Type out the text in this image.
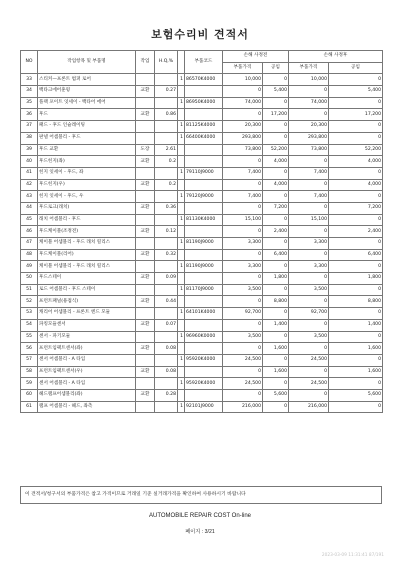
보험수리비 견적서
NO	작업항목 및 부품명	작업	H.Q,%		부품코드	손해 사정전		손해 사정후	
						부품가격	공임	부품가격	공임
33	스티커—프론트 범퍼 로어			1	86570K4000	10,000	0	10,000	0
34	백타크에어훈윙	교환	0.27			0	5,400	0	5,400
35	플랙 포이트 잇세이 - 백타어 에어			1	86950K4000	74,000	0	74,000	0
36	후드	교환	0.86			0	17,200	0	17,200
37	패드 - 후드 인슐레이팅			1	81125K4000	20,300	0	20,300	0
38	판넬 어셈블리 - 후드			1	66400K4000	293,800	0	293,800	0
39	후드 교환	도장	2.61			73,800	52,200	73,800	52,200
40	후드힌지(좌)	교환	0.2			0	4,000	0	4,000
41	힌지 잇세이 - 후드, 좌			1	79110J9000	7,400	0	7,400	0
42	후드힌지(우)	교환	0.2			0	4,000	0	4,000
43	힌지 잇세이 - 후드, 우			1	79120J9000	7,400	0	7,400	0
44	후드로크(래치)	교환	0.36			0	7,200	0	7,200
45	래치 어셈블리 - 후드			1	81130K4000	15,100	0	15,100	0
46	후드케이블(조정전)	교환	0.12			0	2,400	0	2,400
47	케이블 어셈블리 - 후드 래치 릴리스			1	81190J9000	3,300	0	3,300	0
48	후드케이블(리어)	교환	0.32			0	6,400	0	6,400
49	케이블 어셈블리 - 후드 래치 릴리스			1	81190J9000	3,300	0	3,300	0
50	후드스테이	교환	0.09			0	1,800	0	1,800
51	로드 어셈블리 - 후드 스테이			1	81170J9000	3,500	0	3,500	0
52	프런트패널(용접식)	교환	0.44			0	8,800	0	8,800
53	캐리어 어셈블리 - 프론트 엔드 모듈			1	64101K4000	92,700	0	92,700	0
54	파킹모듈센서	교환	0.07			0	1,400	0	1,400
55	센서 - 파기모듈			1	96960K0000	3,500	0	3,500	0
56	프런트임팩트센서(좌)	교환	0.08			0	1,600	0	1,600
57	센서 어셈블리 - A 타입			1	95920K4000	24,500	0	24,500	0
58	프런트임팩트센서(우)	교환	0.08			0	1,600	0	1,600
59	센서 어셈블리 - A 타입			1	95920K4000	24,500	0	24,500	0
60	헤드램프어셈블리(좌)	교환	0.28			0	5,600	0	5,600
61	램프 어셈블리 - 헤드, 좌측			1	92101J9000	216,000	0	216,000	0
이 견적서/청구서의 부품가격은 참고 가격이므로 거래일 기준 실거래가격을 확인하여 사용하시기 바랍니다
AUTOMOBILE REPAIR COST On-line
페이지 : 3/21
2023-03-09 11:31:41 87/191
